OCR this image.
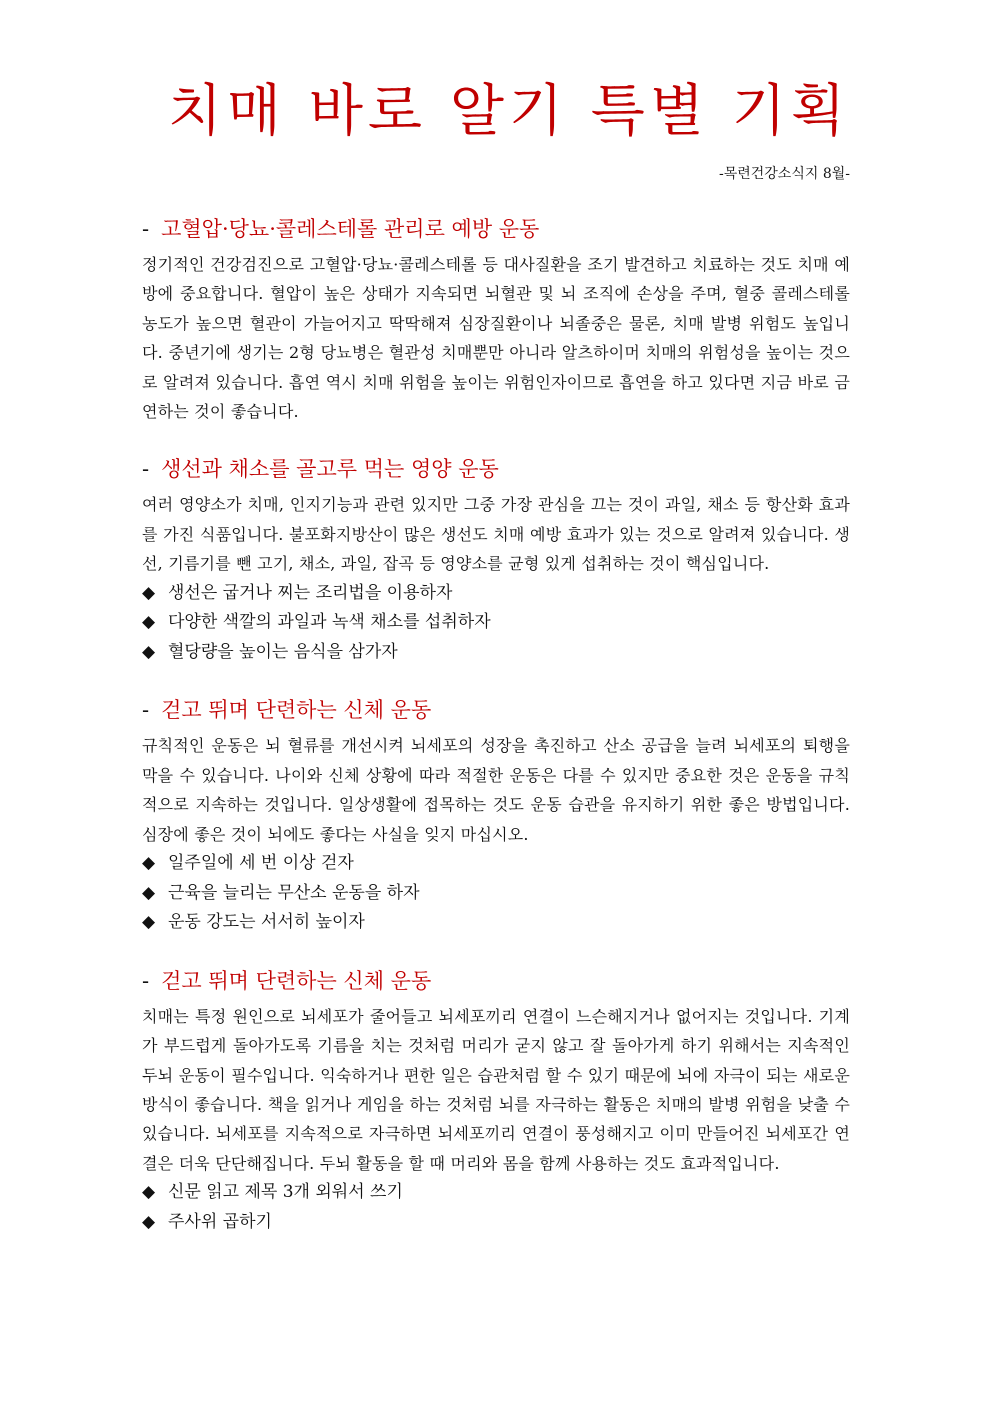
치매 바로 알기 특별 기획
-목련건강소식지 8월-
- 고혈압·당뇨·콜레스테롤 관리로 예방 운동

정기적인 건강검진으로 고혈압·당뇨·콜레스테롤 등 대사질환을 조기 발견하고 치료하는 것도 치매 예방에 중요합니다. 혈압이 높은 상태가 지속되면 뇌혈관 및 뇌 조직에 손상을 주며, 혈중 콜레스테롤 농도가 높으면 혈관이 가늘어지고 딱딱해져 심장질환이나 뇌졸중은 물론, 치매 발병 위험도 높입니다. 중년기에 생기는 2형 당뇨병은 혈관성 치매뿐만 아니라 알츠하이머 치매의 위험성을 높이는 것으로 알려져 있습니다. 흡연 역시 치매 위험을 높이는 위험인자이므로 흡연을 하고 있다면 지금 바로 금연하는 것이 좋습니다.

- 생선과 채소를 골고루 먹는 영양 운동

여러 영양소가 치매, 인지기능과 관련 있지만 그중 가장 관심을 끄는 것이 과일, 채소 등 항산화 효과를 가진 식품입니다. 불포화지방산이 많은 생선도 치매 예방 효과가 있는 것으로 알려져 있습니다. 생선, 기름기를 뺀 고기, 채소, 과일, 잡곡 등 영양소를 균형 있게 섭취하는 것이 핵심입니다.

◆ 생선은 굽거나 찌는 조리법을 이용하자
◆ 다양한 색깔의 과일과 녹색 채소를 섭취하자
◆ 혈당량을 높이는 음식을 삼가자
- 걷고 뛰며 단련하는 신체 운동

규칙적인 운동은 뇌 혈류를 개선시켜 뇌세포의 성장을 촉진하고 산소 공급을 늘려 뇌세포의 퇴행을 막을 수 있습니다. 나이와 신체 상황에 따라 적절한 운동은 다를 수 있지만 중요한 것은 운동을 규칙적으로 지속하는 것입니다. 일상생활에 접목하는 것도 운동 습관을 유지하기 위한 좋은 방법입니다. 심장에 좋은 것이 뇌에도 좋다는 사실을 잊지 마십시오.

◆ 일주일에 세 번 이상 걷자
◆ 근육을 늘리는 무산소 운동을 하자
◆ 운동 강도는 서서히 높이자
- 걷고 뛰며 단련하는 신체 운동

치매는 특정 원인으로 뇌세포가 줄어들고 뇌세포끼리 연결이 느슨해지거나 없어지는 것입니다. 기계가 부드럽게 돌아가도록 기름을 치는 것처럼 머리가 굳지 않고 잘 돌아가게 하기 위해서는 지속적인 두뇌 운동이 필수입니다. 익숙하거나 편한 일은 습관처럼 할 수 있기 때문에 뇌에 자극이 되는 새로운 방식이 좋습니다. 책을 읽거나 게임을 하는 것처럼 뇌를 자극하는 활동은 치매의 발병 위험을 낮출 수 있습니다. 뇌세포를 지속적으로 자극하면 뇌세포끼리 연결이 풍성해지고 이미 만들어진 뇌세포간 연결은 더욱 단단해집니다. 두뇌 활동을 할 때 머리와 몸을 함께 사용하는 것도 효과적입니다.

◆ 신문 읽고 제목 3개 외워서 쓰기
◆ 주사위 곱하기
